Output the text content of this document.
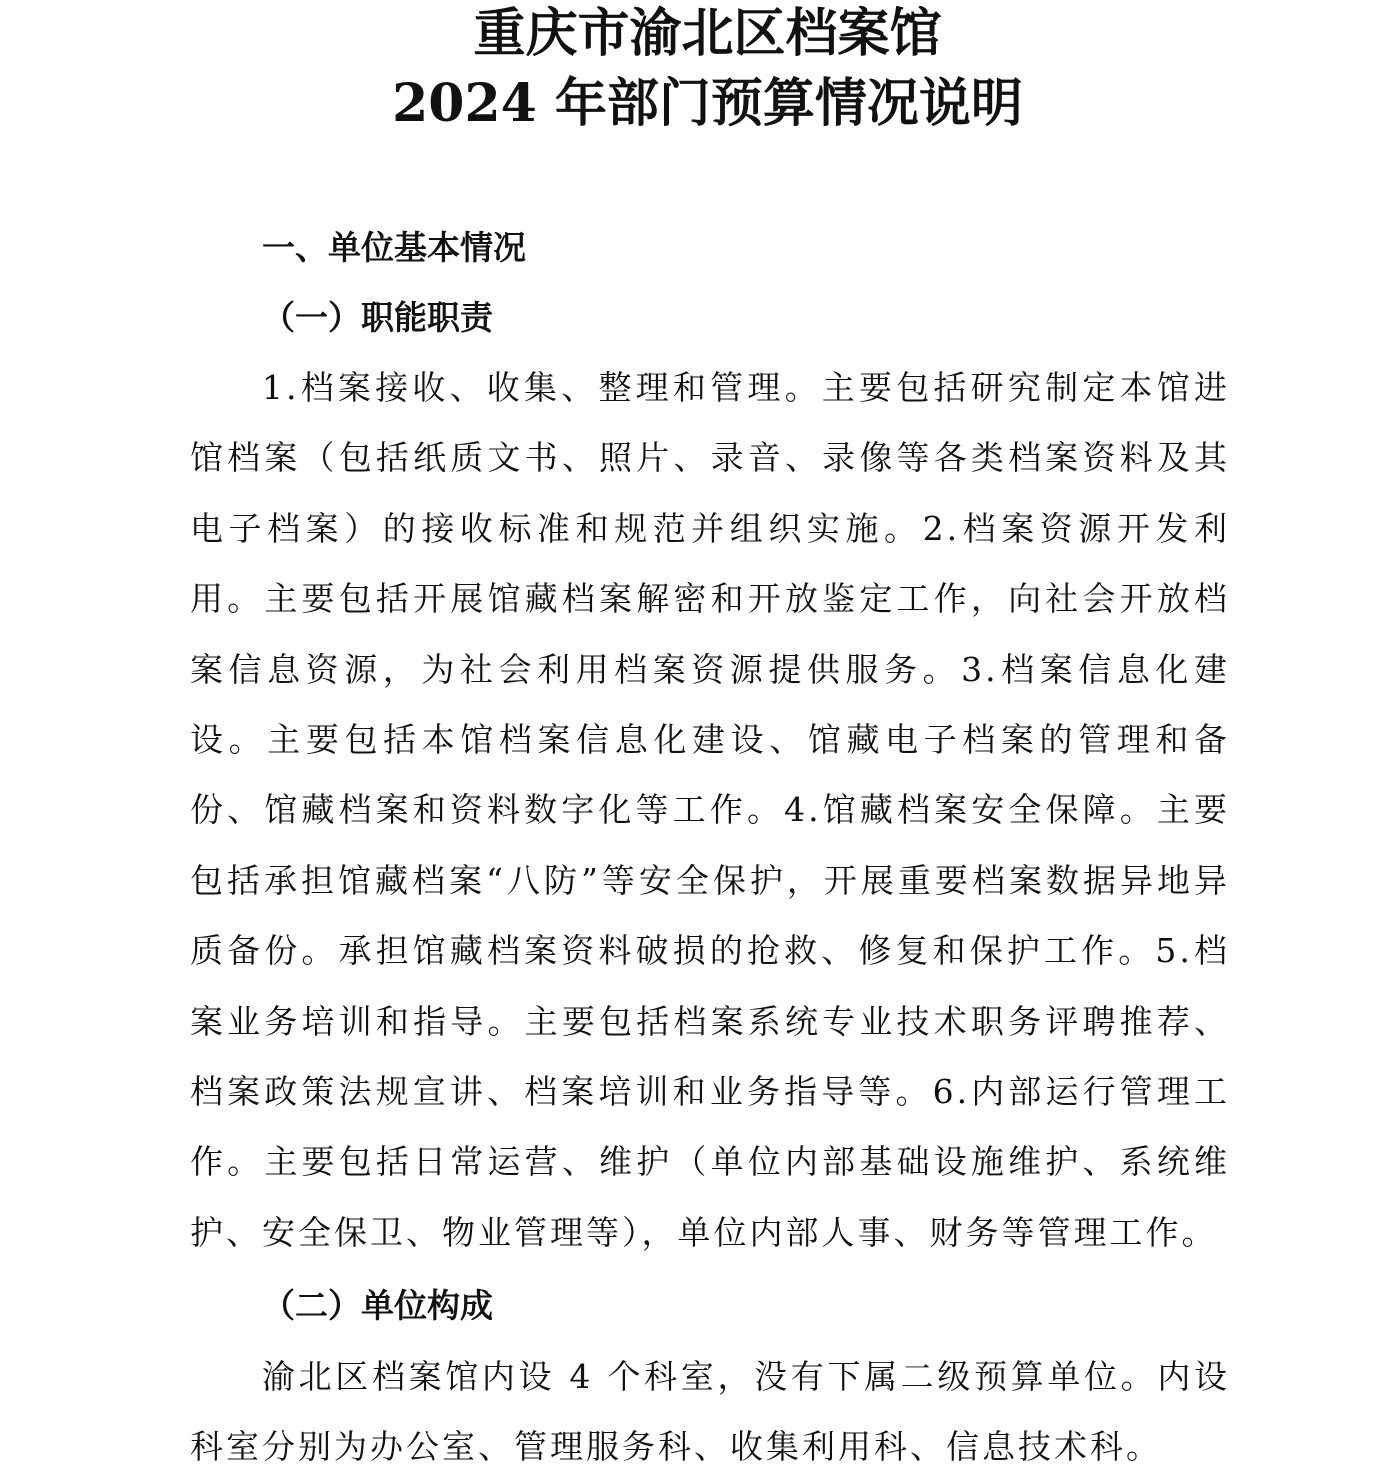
重庆市渝北区档案馆
2024 年部门预算情况说明
一、单位基本情况
（一）职能职责

1.档案接收、收集、整理和管理。主要包括研究制定本馆进馆档案（包括纸质文书、照片、录音、录像等各类档案资料及其电子档案）的接收标准和规范并组织实施。2.档案资源开发利用。主要包括开展馆藏档案解密和开放鉴定工作，向社会开放档案信息资源，为社会利用档案资源提供服务。3.档案信息化建设。主要包括本馆档案信息化建设、馆藏电子档案的管理和备份、馆藏档案和资料数字化等工作。4.馆藏档案安全保障。主要包括承担馆藏档案“八防”等安全保护，开展重要档案数据异地异质备份。承担馆藏档案资料破损的抢救、修复和保护工作。5.档案业务培训和指导。主要包括档案系统专业技术职务评聘推荐、档案政策法规宣讲、档案培训和业务指导等。6.内部运行管理工作。主要包括日常运营、维护（单位内部基础设施维护、系统维护、安全保卫、物业管理等），单位内部人事、财务等管理工作。

（二）单位构成

渝北区档案馆内设 4 个科室，没有下属二级预算单位。内设科室分别为办公室、管理服务科、收集利用科、信息技术科。
